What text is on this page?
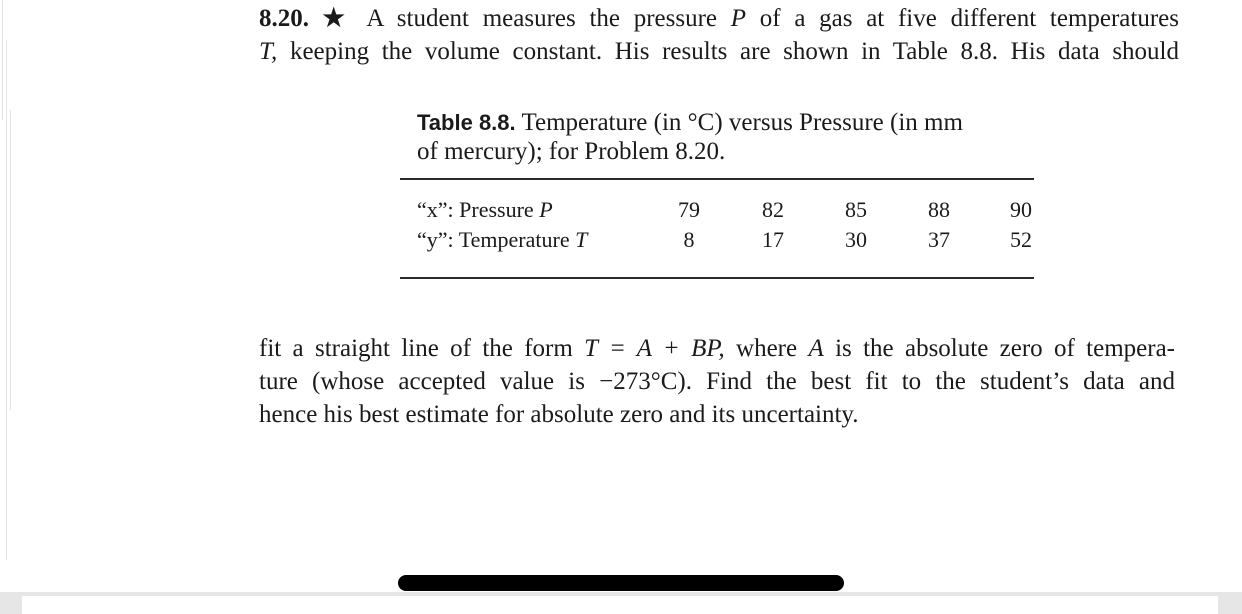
8.20. ★ A student measures the pressure P of a gas at five different temperatures
T, keeping the volume constant. His results are shown in Table 8.8. His data should
Table 8.8. Temperature (in °C) versus Pressure (in mm
of mercury); for Problem 8.20.
“x”: Pressure P	79	82	85	88	90
“y”: Temperature T	8	17	30	37	52
fit a straight line of the form T = A + BP, where A is the absolute zero of tempera-
ture (whose accepted value is −273°C). Find the best fit to the student’s data and
hence his best estimate for absolute zero and its uncertainty.
